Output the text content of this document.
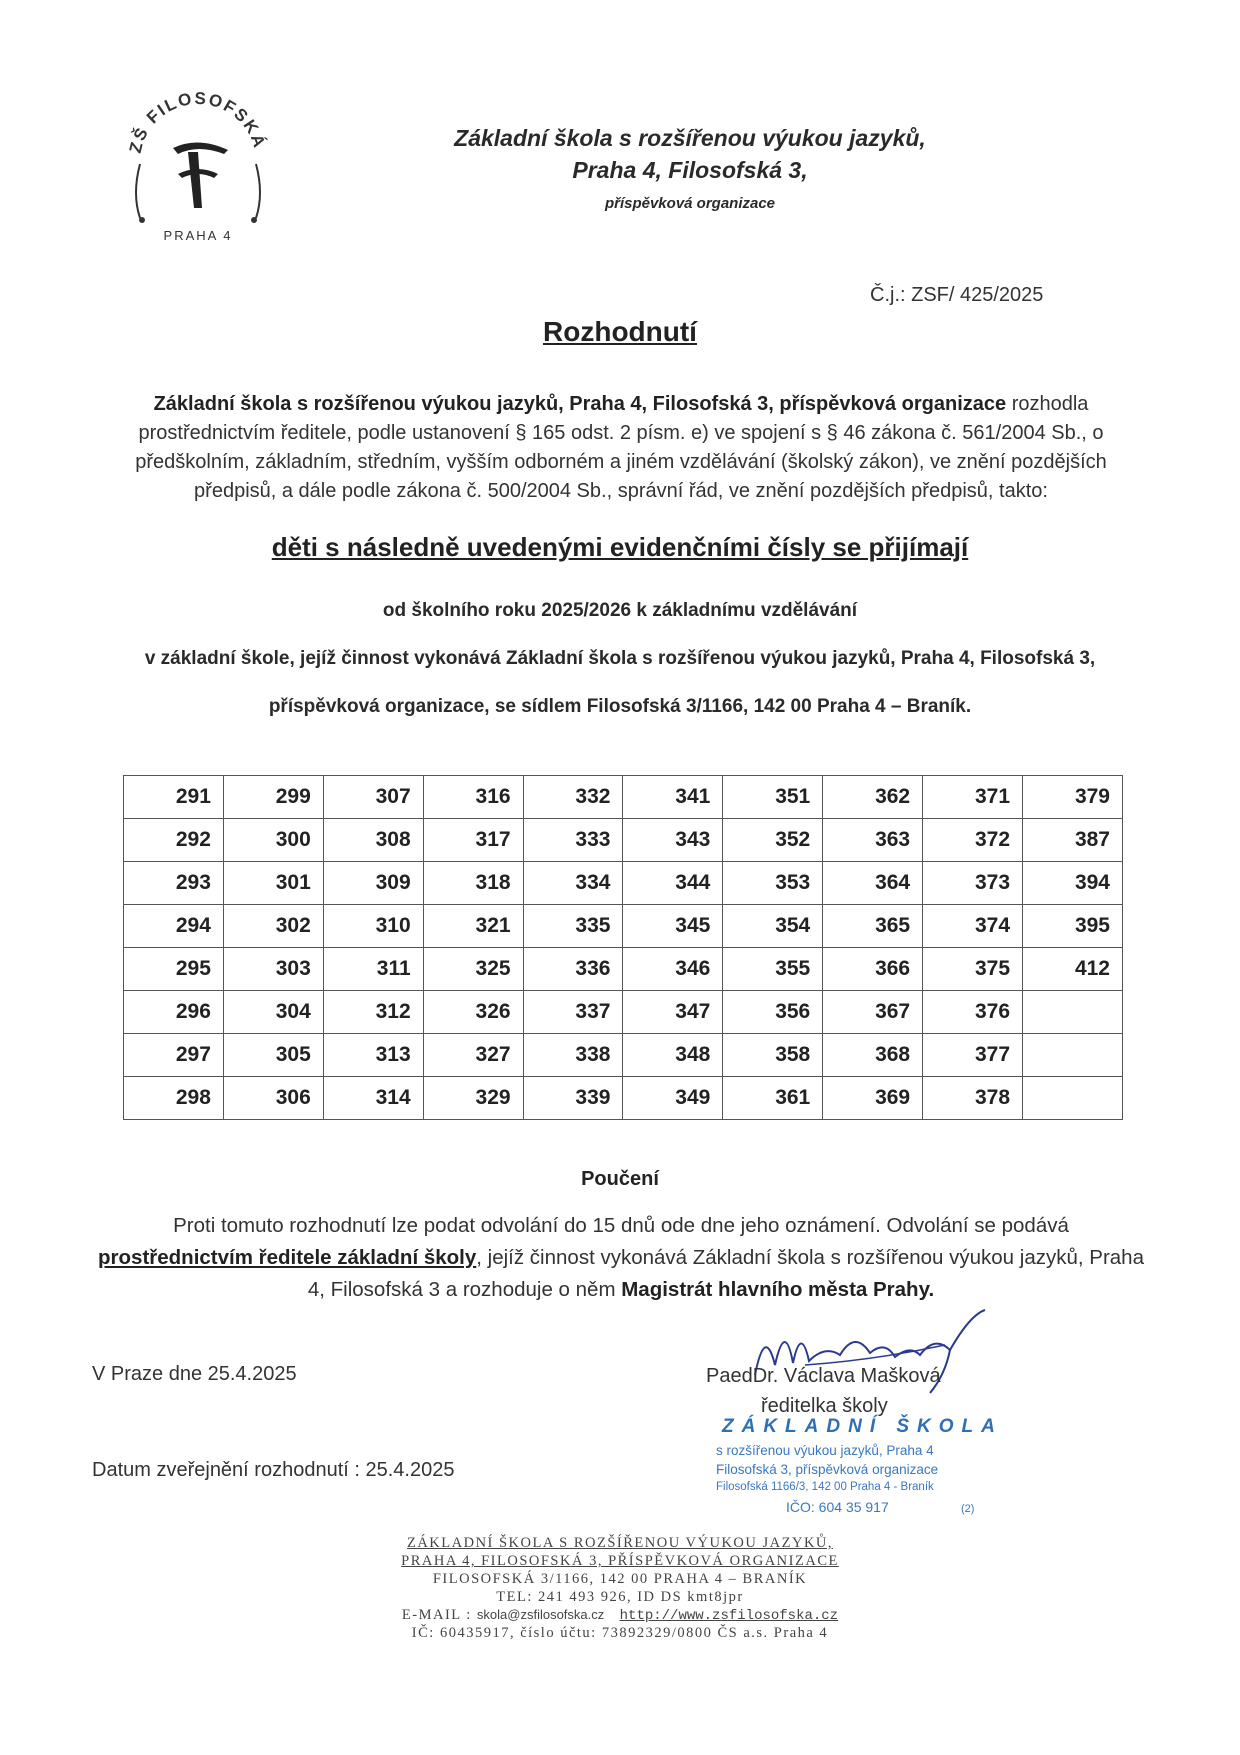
ZŠ FILOSOFSKÁ
PRAHA 4
Základní škola s rozšířenou výukou jazyků,
Praha 4, Filosofská 3,
příspěvková organizace
Č.j.: ZSF/ 425/2025
Rozhodnutí
Základní škola s rozšířenou výukou jazyků, Praha 4, Filosofská 3, příspěvková organizace rozhodla prostřednictvím ředitele, podle ustanovení § 165 odst. 2 písm. e) ve spojení s § 46 zákona č. 561/2004 Sb., o předškolním, základním, středním, vyšším odborném a jiném vzdělávání (školský zákon), ve znění pozdějších předpisů, a dále podle zákona č. 500/2004 Sb., správní řád, ve znění pozdějších předpisů, takto:
děti s následně uvedenými evidenčními čísly se přijímají
od školního roku 2025/2026 k základnímu vzdělávání
v základní škole, jejíž činnost vykonává Základní škola s rozšířenou výukou jazyků, Praha 4, Filosofská 3,
příspěvková organizace, se sídlem Filosofská 3/1166, 142 00 Praha 4 – Braník.
291	299	307	316	332	341	351	362	371	379
292	300	308	317	333	343	352	363	372	387
293	301	309	318	334	344	353	364	373	394
294	302	310	321	335	345	354	365	374	395
295	303	311	325	336	346	355	366	375	412
296	304	312	326	337	347	356	367	376	
297	305	313	327	338	348	358	368	377	
298	306	314	329	339	349	361	369	378	
Poučení
Proti tomuto rozhodnutí lze podat odvolání do 15 dnů ode dne jeho oznámení. Odvolání se podává prostřednictvím ředitele základní školy, jejíž činnost vykonává Základní škola s rozšířenou výukou jazyků, Praha 4, Filosofská 3 a rozhoduje o něm Magistrát hlavního města Prahy.
V Praze dne 25.4.2025	PaedDr. Václava Mašková
ředitelka školy
ZÁKLADNÍ ŠKOLA
s rozšířenou výukou jazyků, Praha 4
Filosofská 3, příspěvková organizace
Filosofská 1166/3, 142 00 Praha 4 - Braník
IČO: 604 35 917	(2)
Datum zveřejnění rozhodnutí : 25.4.2025
ZÁKLADNÍ ŠKOLA S ROZŠÍŘENOU VÝUKOU JAZYKŮ,
PRAHA 4, FILOSOFSKÁ 3, PŘÍSPĚVKOVÁ ORGANIZACE
FILOSOFSKÁ 3/1166, 142 00 PRAHA 4 – BRANÍK
TEL: 241 493 926, ID DS kmt8jpr
E-MAIL : skola@zsfilosofska.cz http://www.zsfilosofska.cz
IČ: 60435917, číslo účtu: 73892329/0800 ČS a.s. Praha 4
